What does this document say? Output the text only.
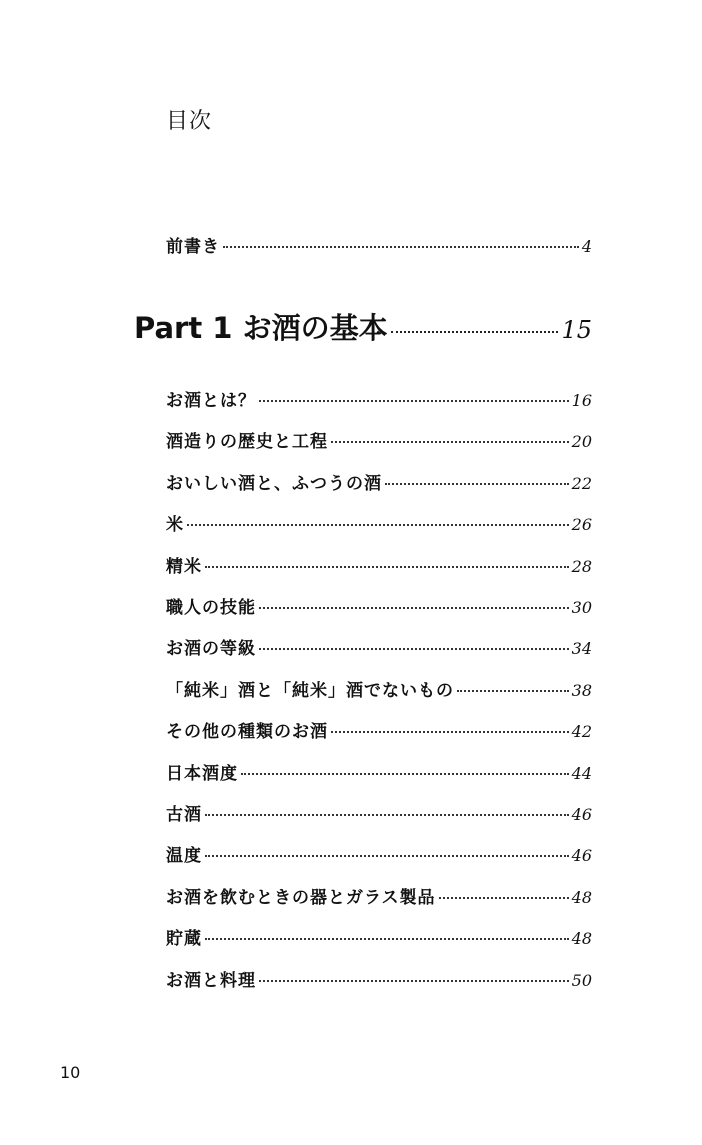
目次
前書き	4
Part 1 お酒の基本	15
お酒とは？	16
酒造りの歴史と工程	20
おいしい酒と、ふつうの酒	22
米	26
精米	28
職人の技能	30
お酒の等級	34
「純米」酒と「純米」酒でないもの	38
その他の種類のお酒	42
日本酒度	44
古酒	46
温度	46
お酒を飲むときの器とガラス製品	48
貯蔵	48
お酒と料理	50
10
